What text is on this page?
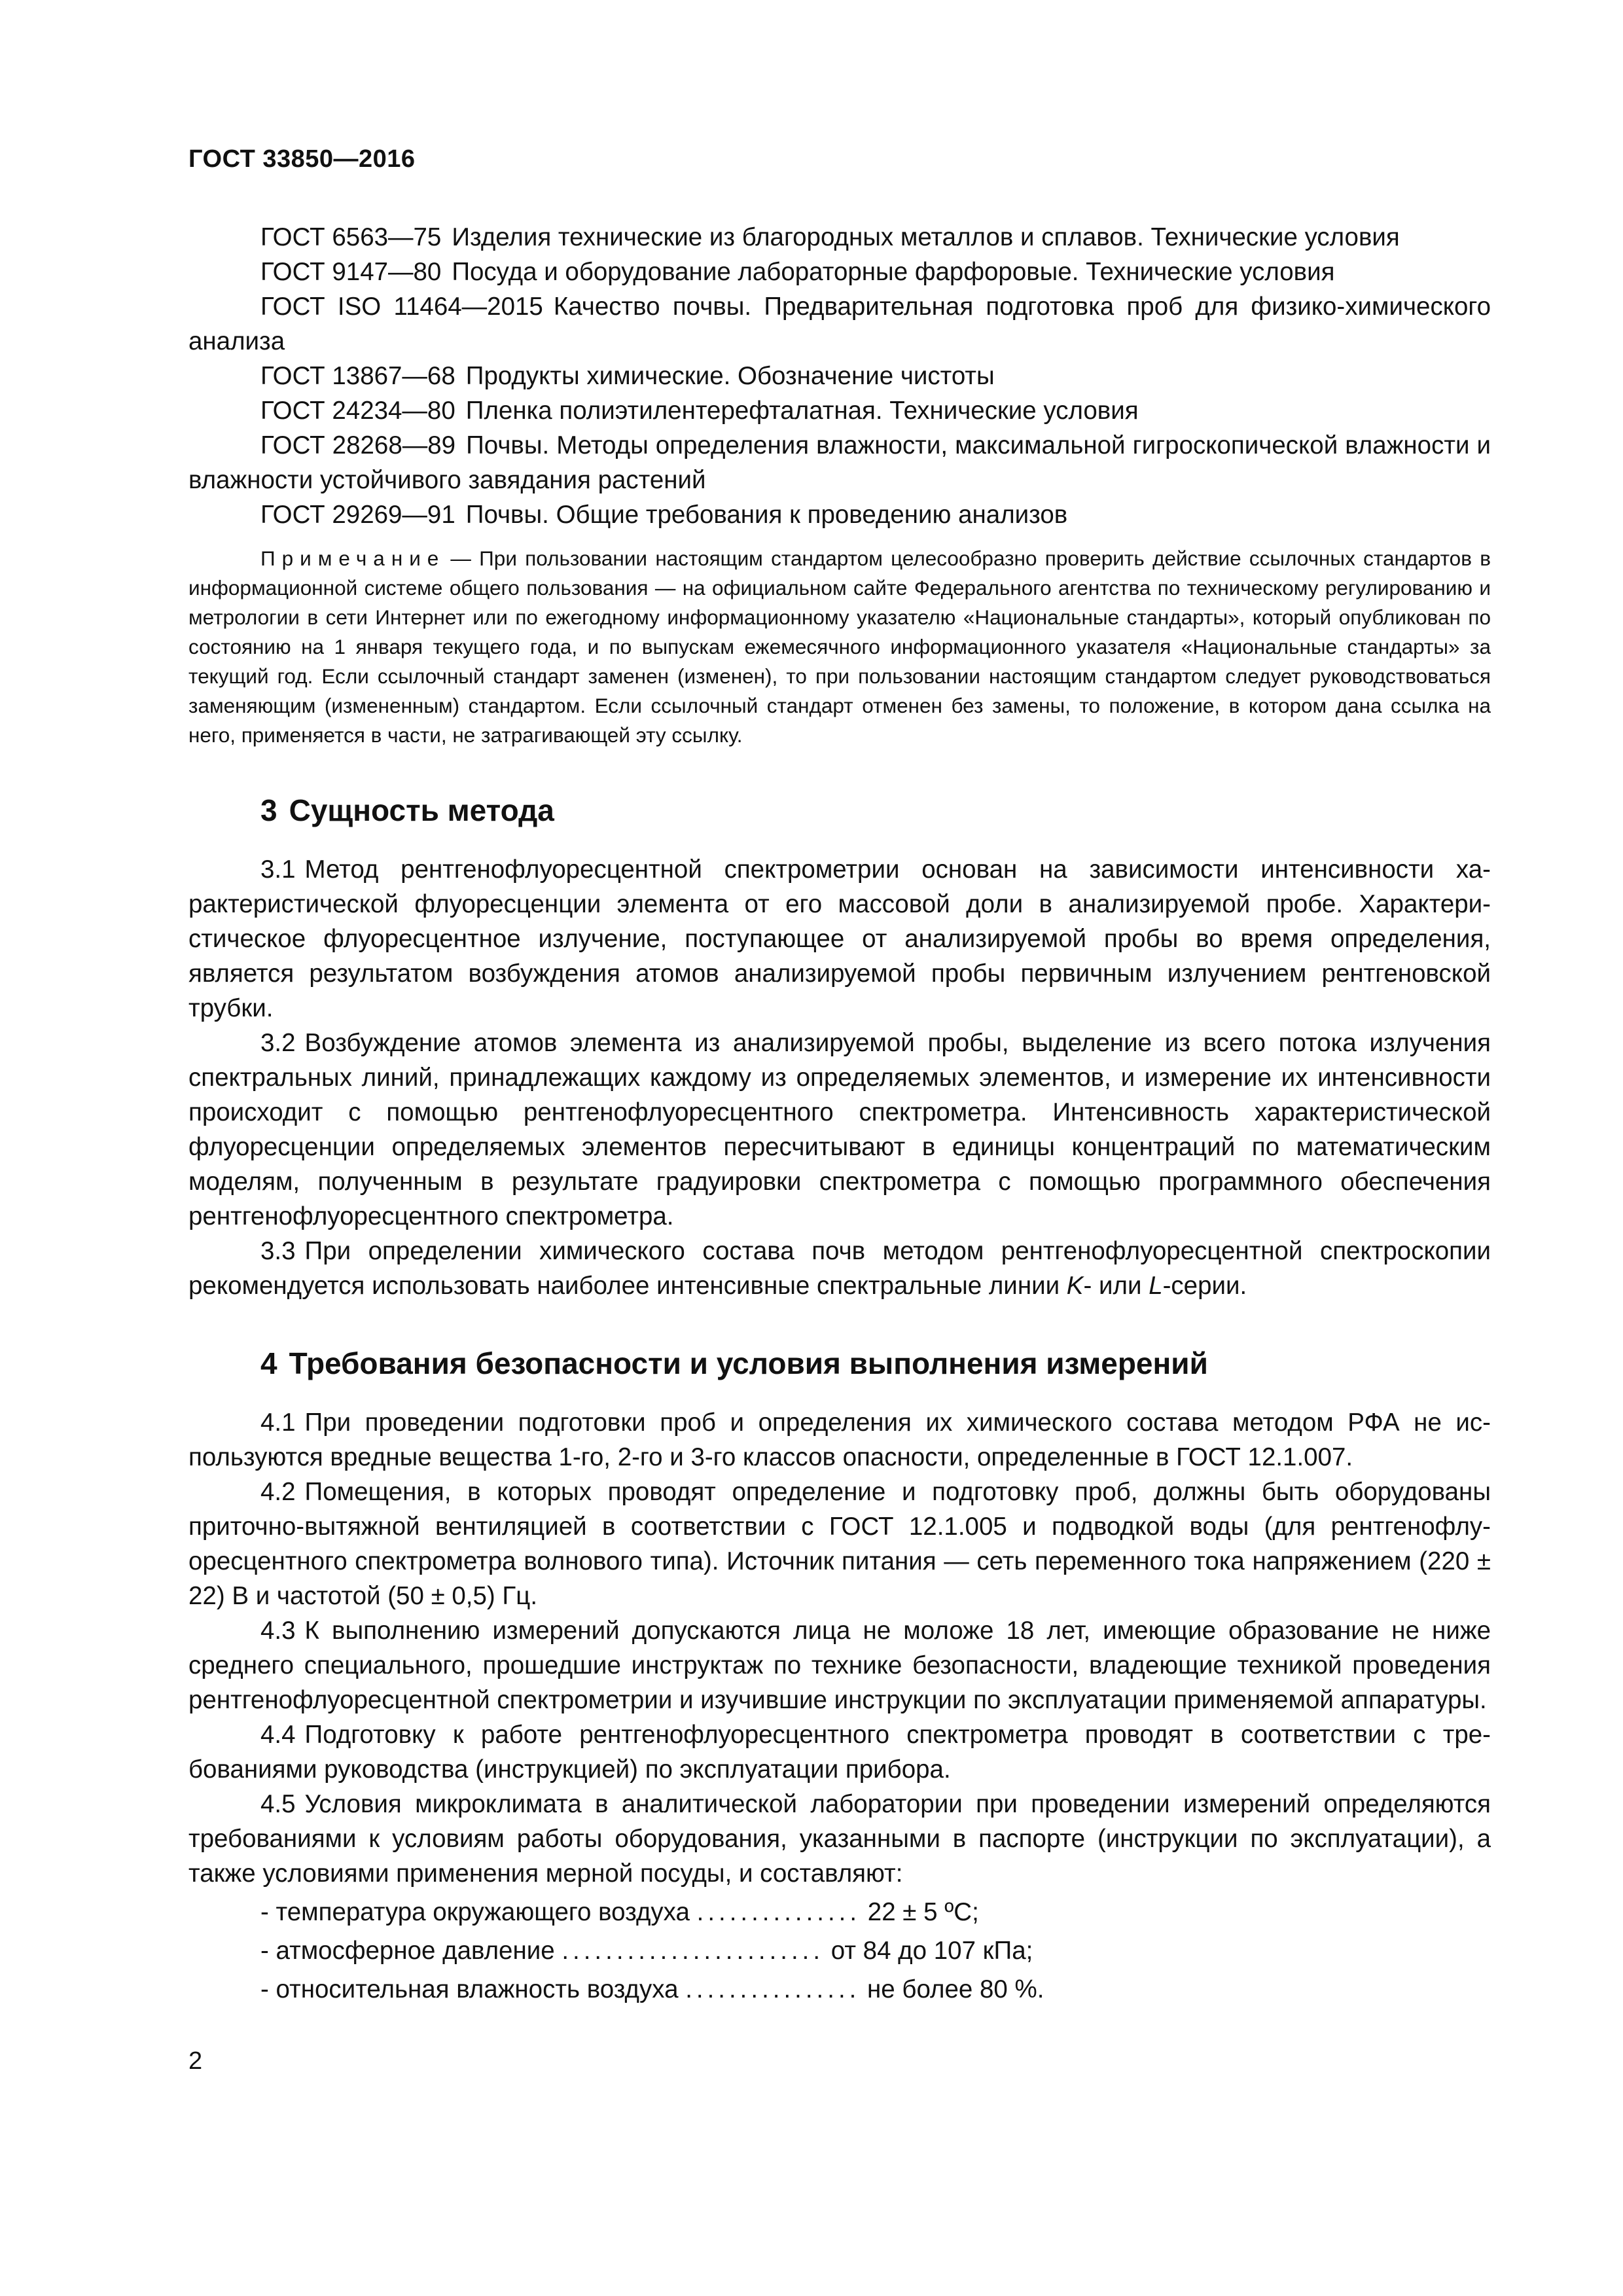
ГОСТ 33850—2016

ГОСТ 6563—75 Изделия технические из благородных металлов и сплавов. Технические условия

ГОСТ 9147—80 Посуда и оборудование лабораторные фарфоровые. Технические условия

ГОСТ ISO 11464—2015 Качество почвы. Предварительная подготовка проб для физико-химического анализа

ГОСТ 13867—68 Продукты химические. Обозначение чистоты

ГОСТ 24234—80 Пленка полиэтилентерефталатная. Технические условия

ГОСТ 28268—89 Почвы. Методы определения влажности, максимальной гигроскопической влажности и влажности устойчивого завядания растений

ГОСТ 29269—91 Почвы. Общие требования к проведению анализов

Примечание — При пользовании настоящим стандартом целесообразно проверить действие ссылочных стандартов в информационной системе общего пользования — на официальном сайте Федерального агентства по техническому регулированию и метрологии в сети Интернет или по ежегодному информационному указателю «Национальные стандарты», который опубликован по состоянию на 1 января текущего года, и по выпускам ежемесячного информационного указателя «Национальные стандарты» за текущий год. Если ссылочный стандарт заменен (изменен), то при пользовании настоящим стандартом следует руководствоваться заменяющим (измененным) стандартом. Если ссылочный стандарт отменен без замены, то положение, в котором дана ссылка на него, применяется в части, не затрагивающей эту ссылку.

3 Сущность метода

3.1 Метод рентгенофлуоресцентной спектрометрии основан на зависимости интенсивности характеристической флуоресценции элемента от его массовой доли в анализируемой пробе. Характеристическое флуоресцентное излучение, поступающее от анализируемой пробы во время определения, является результатом возбуждения атомов анализируемой пробы первичным излучением рентгеновской трубки.

3.2 Возбуждение атомов элемента из анализируемой пробы, выделение из всего потока излучения спектральных линий, принадлежащих каждому из определяемых элементов, и измерение их интенсивности происходит с помощью рентгенофлуоресцентного спектрометра. Интенсивность характеристической флуоресценции определяемых элементов пересчитывают в единицы концентраций по математическим моделям, полученным в результате градуировки спектрометра с помощью программного обеспечения рентгенофлуоресцентного спектрометра.

3.3 При определении химического состава почв методом рентгенофлуоресцентной спектроскопии рекомендуется использовать наиболее интенсивные спектральные линии K- или L-серии.

4 Требования безопасности и условия выполнения измерений

4.1 При проведении подготовки проб и определения их химического состава методом РФА не используются вредные вещества 1-го, 2-го и 3-го классов опасности, определенные в ГОСТ 12.1.007.

4.2 Помещения, в которых проводят определение и подготовку проб, должны быть оборудованы приточно-вытяжной вентиляцией в соответствии с ГОСТ 12.1.005 и подводкой воды (для рентгенофлуоресцентного спектрометра волнового типа). Источник питания — сеть переменного тока напряжением (220 ± 22) В и частотой (50 ± 0,5) Гц.

4.3 К выполнению измерений допускаются лица не моложе 18 лет, имеющие образование не ниже среднего специального, прошедшие инструктаж по технике безопасности, владеющие техникой проведения рентгенофлуоресцентной спектрометрии и изучившие инструкции по эксплуатации применяемой аппаратуры.

4.4 Подготовку к работе рентгенофлуоресцентного спектрометра проводят в соответствии с требованиями руководства (инструкцией) по эксплуатации прибора.

4.5 Условия микроклимата в аналитической лаборатории при проведении измерений определяются требованиями к условиям работы оборудования, указанными в паспорте (инструкции по эксплуатации), а также условиями применения мерной посуды, и составляют:

- температура окружающего воздуха ............... 22 ± 5 ºС;

- атмосферное давление ........................ от 84 до 107 кПа;

- относительная влажность воздуха ................ не более 80 %.

2
